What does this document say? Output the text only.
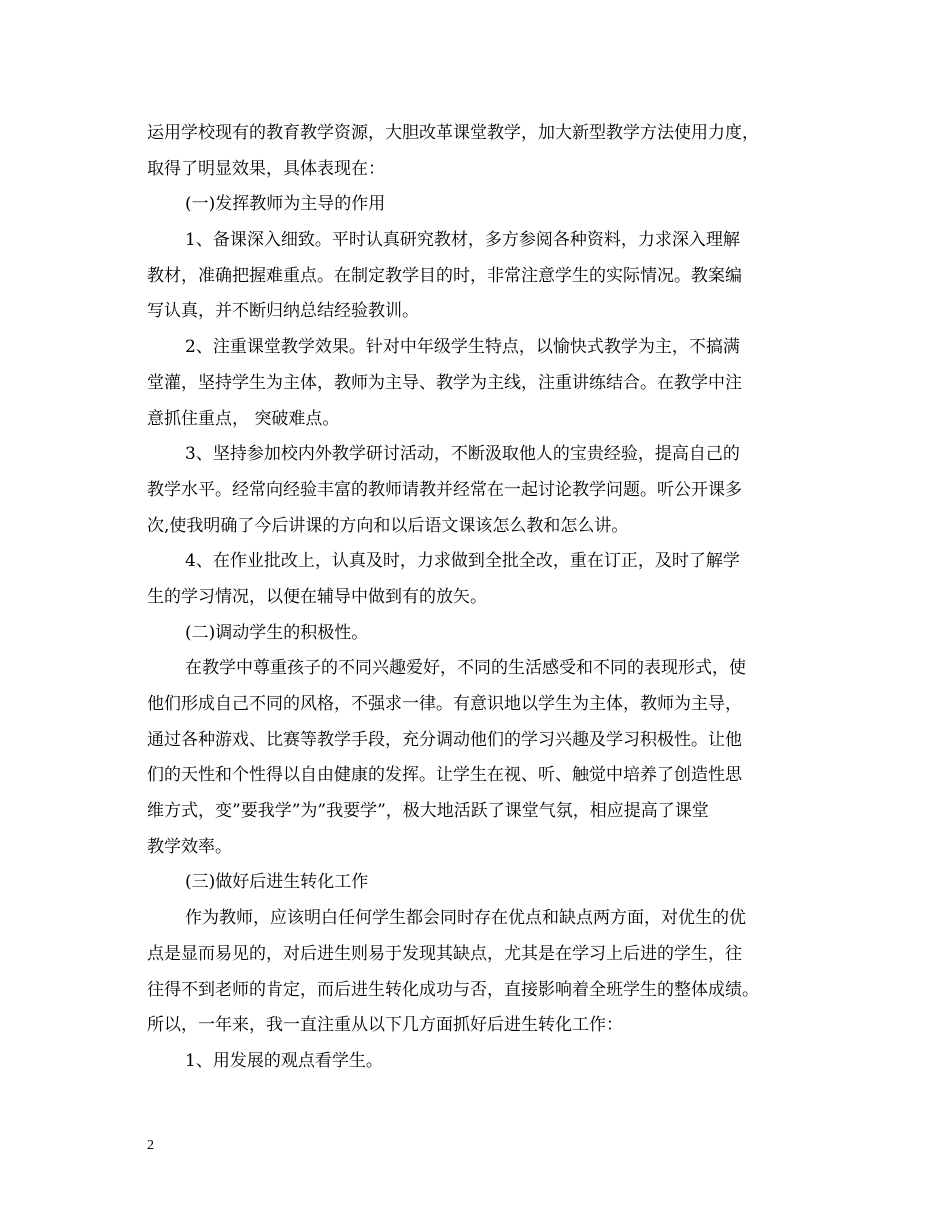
运用学校现有的教育教学资源，大胆改革课堂教学，加大新型教学方法使用力度，
取得了明显效果，具体表现在：
(一)发挥教师为主导的作用
1、备课深入细致。平时认真研究教材，多方参阅各种资料，力求深入理解
教材，准确把握难重点。在制定教学目的时，非常注意学生的实际情况。教案编
写认真，并不断归纳总结经验教训。
2、注重课堂教学效果。针对中年级学生特点，以愉快式教学为主，不搞满
堂灌，坚持学生为主体，教师为主导、教学为主线，注重讲练结合。在教学中注
意抓住重点， 突破难点。
3、坚持参加校内外教学研讨活动，不断汲取他人的宝贵经验，提高自己的
教学水平。经常向经验丰富的教师请教并经常在一起讨论教学问题。听公开课多
次,使我明确了今后讲课的方向和以后语文课该怎么教和怎么讲。
4、在作业批改上，认真及时，力求做到全批全改，重在订正，及时了解学
生的学习情况，以便在辅导中做到有的放矢。
(二)调动学生的积极性。
在教学中尊重孩子的不同兴趣爱好，不同的生活感受和不同的表现形式，使
他们形成自己不同的风格，不强求一律。有意识地以学生为主体，教师为主导，
通过各种游戏、比赛等教学手段，充分调动他们的学习兴趣及学习积极性。让他
们的天性和个性得以自由健康的发挥。让学生在视、听、触觉中培养了创造性思
维方式，变”要我学”为”我要学”，极大地活跃了课堂气氛，相应提高了课堂
教学效率。
(三)做好后进生转化工作
作为教师，应该明白任何学生都会同时存在优点和缺点两方面，对优生的优
点是显而易见的，对后进生则易于发现其缺点，尤其是在学习上后进的学生，往
往得不到老师的肯定，而后进生转化成功与否，直接影响着全班学生的整体成绩。
所以，一年来，我一直注重从以下几方面抓好后进生转化工作：
1、用发展的观点看学生。
2
